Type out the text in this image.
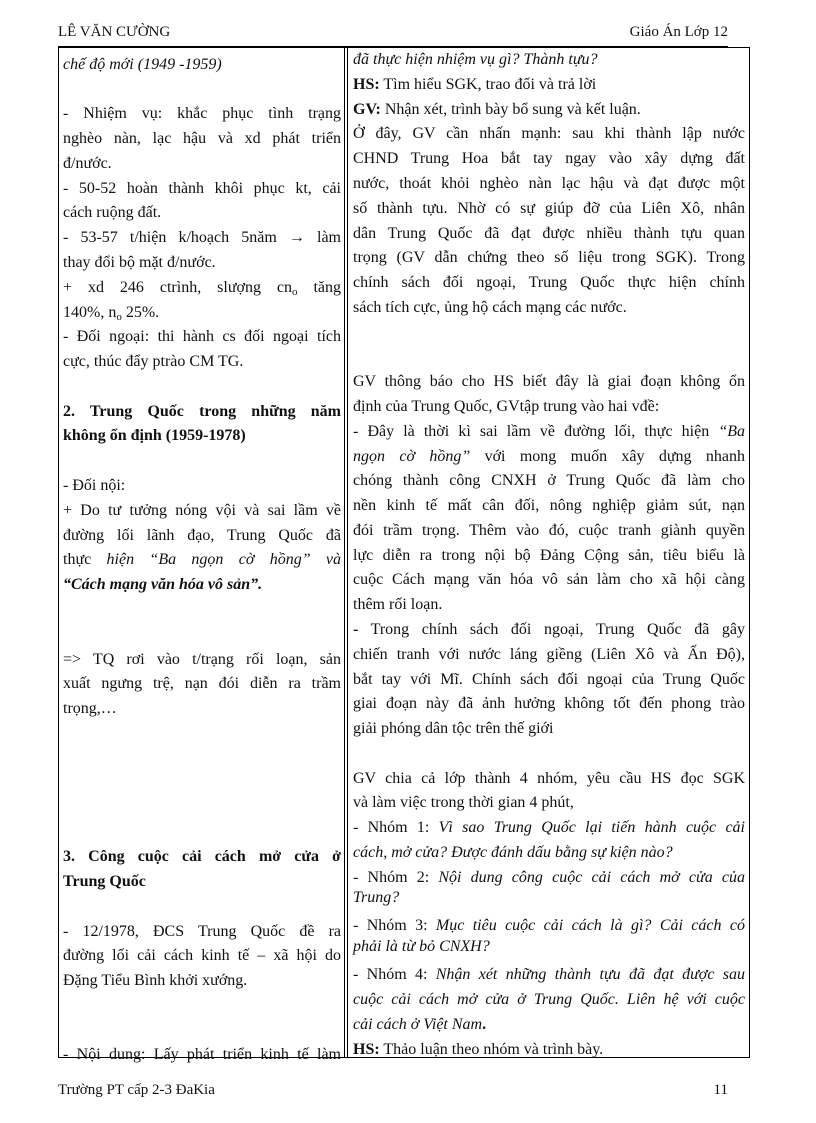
LÊ VĂN CƯỜNG	Giáo Án Lớp 12
chế độ mới (1949 -1959)
- Nhiệm vụ: khắc phục tình trạng
nghèo nàn, lạc hậu và xd phát triển
đ/nước.
- 50-52 hoàn thành khôi phục kt, cải
cách ruộng đất.
- 53-57 t/hiện k/hoạch 5năm → làm
thay đổi bộ mặt đ/nước.
+ xd 246 ctrình, slượng $cn_o$ tăng
140%, $n_o$ 25%.
- Đối ngoại: thi hành cs đối ngoại tích
cực, thúc đẩy ptrào CM TG.
2. Trung Quốc trong những năm
không ổn định (1959-1978)
- Đối nội:
+ Do tư tưởng nóng vội và sai lầm về
đường lối lãnh đạo, Trung Quốc đã
thực hiện “Ba ngọn cờ hồng” và
“Cách mạng văn hóa vô sản”.
=> TQ rơi vào t/trạng rối loạn, sản
xuất ngưng trệ, nạn đói diễn ra trầm
trọng,…
3. Công cuộc cải cách mở cửa ở
Trung Quốc
- 12/1978, ĐCS Trung Quốc đề ra
đường lối cải cách kinh tế – xã hội do
Đặng Tiểu Bình khởi xướng.
- Nội dung: Lấy phát triển kinh tế làm
đã thực hiện nhiệm vụ gì? Thành tựu?
HS: Tìm hiểu SGK, trao đổi và trả lời
GV: Nhận xét, trình bày bổ sung và kết luận.
Ở đây, GV cần nhấn mạnh: sau khi thành lập nước
CHND Trung Hoa bắt tay ngay vào xây dựng đất
nước, thoát khỏi nghèo nàn lạc hậu và đạt được một
số thành tựu. Nhờ có sự giúp đỡ của Liên Xô, nhân
dân Trung Quốc đã đạt được nhiều thành tựu quan
trọng (GV dẫn chứng theo số liệu trong SGK). Trong
chính sách đối ngoại, Trung Quốc thực hiện chính
sách tích cực, ủng hộ cách mạng các nước.
GV thông báo cho HS biết đây là giai đoạn không ổn
định của Trung Quốc, GVtập trung vào hai vđề:
- Đây là thời kì sai lầm về đường lối, thực hiện “Ba
ngọn cờ hồng” với mong muốn xây dựng nhanh
chóng thành công CNXH ở Trung Quốc đã làm cho
nền kinh tế mất cân đối, nông nghiệp giảm sút, nạn
đói trầm trọng. Thêm vào đó, cuộc tranh giành quyền
lực diễn ra trong nội bộ Đảng Cộng sản, tiêu biểu là
cuộc Cách mạng văn hóa vô sản làm cho xã hội càng
thêm rối loạn.
- Trong chính sách đối ngoại, Trung Quốc đã gây
chiến tranh với nước láng giềng (Liên Xô và Ấn Độ),
bắt tay với Mĩ. Chính sách đối ngoại của Trung Quốc
giai đoạn này đã ảnh hưởng không tốt đến phong trào
giải phóng dân tộc trên thế giới
GV chia cả lớp thành 4 nhóm, yêu cầu HS đọc SGK
và làm việc trong thời gian 4 phút,
- Nhóm 1: Vì sao Trung Quốc lại tiến hành cuộc cải
cách, mở cửa? Được đánh dấu bằng sự kiện nào?
- Nhóm 2: Nội dung công cuộc cải cách mở cửa của
Trung?
- Nhóm 3: Mục tiêu cuộc cải cách là gì? Cải cách có
phải là từ bỏ CNXH?
- Nhóm 4: Nhận xét những thành tựu đã đạt được sau
cuộc cải cách mở cửa ở Trung Quốc. Liên hệ với cuộc
cải cách ở Việt Nam.
HS: Thảo luận theo nhóm và trình bày.
Trường PT cấp 2-3 ĐaKia	11
